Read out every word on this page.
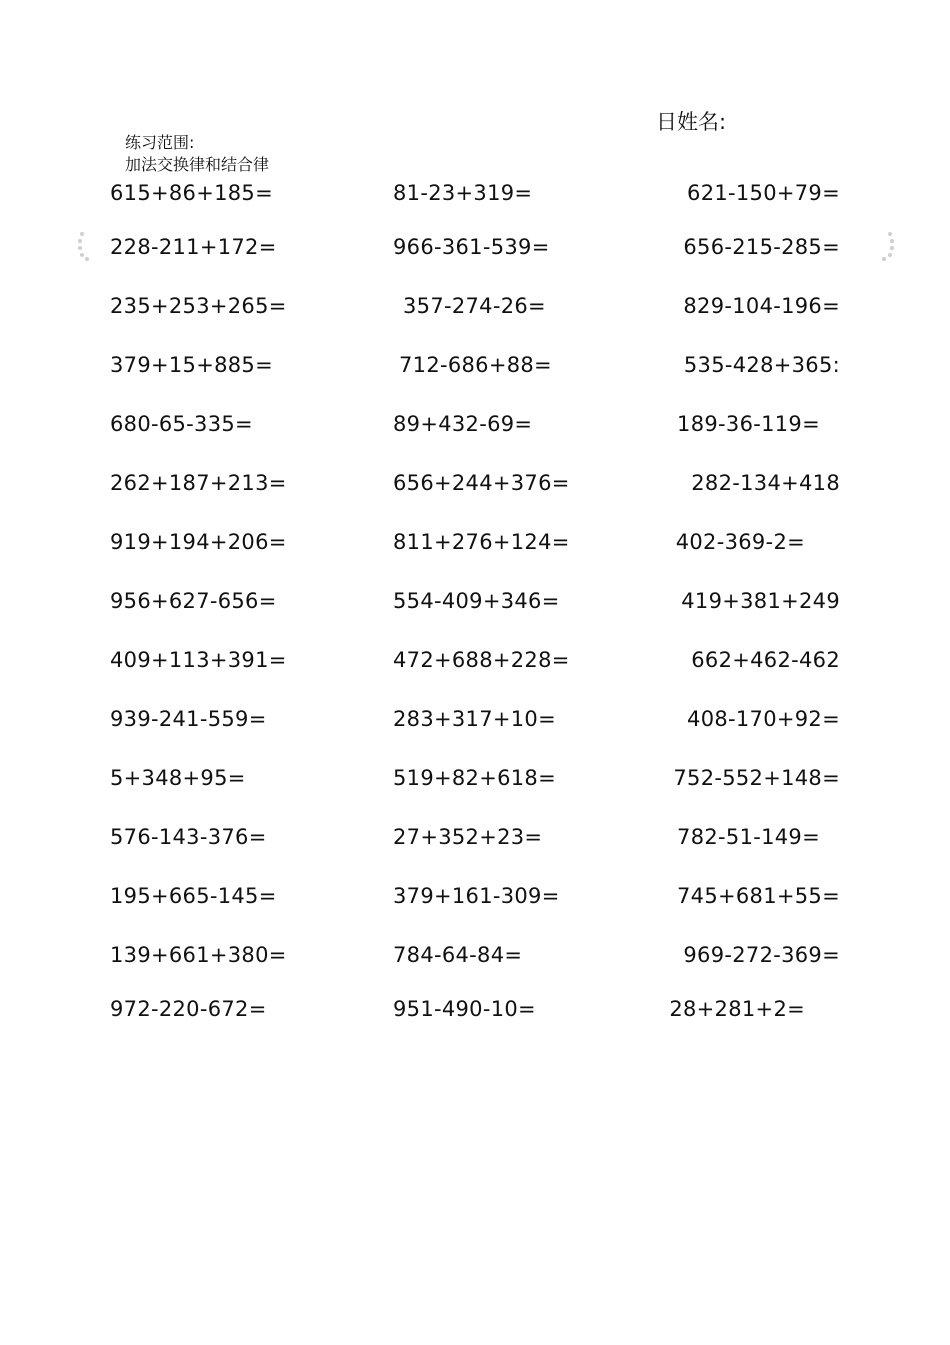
日姓名:
练习范围:
加法交换律和结合律
615+86+185=	81-23+319=	621-150+79=
228-211+172=	966-361-539=	656-215-285=
235+253+265=	357-274-26=	829-104-196=
379+15+885=	712-686+88=	535-428+365:
680-65-335=	89+432-69=	189-36-119=
262+187+213=	656+244+376=	282-134+418
919+194+206=	811+276+124=	402-369-2=
956+627-656=	554-409+346=	419+381+249
409+113+391=	472+688+228=	662+462-462
939-241-559=	283+317+10=	408-170+92=
5+348+95=	519+82+618=	752-552+148=
576-143-376=	27+352+23=	782-51-149=
195+665-145=	379+161-309=	745+681+55=
139+661+380=	784-64-84=	969-272-369=
972-220-672=	951-490-10=	28+281+2=
